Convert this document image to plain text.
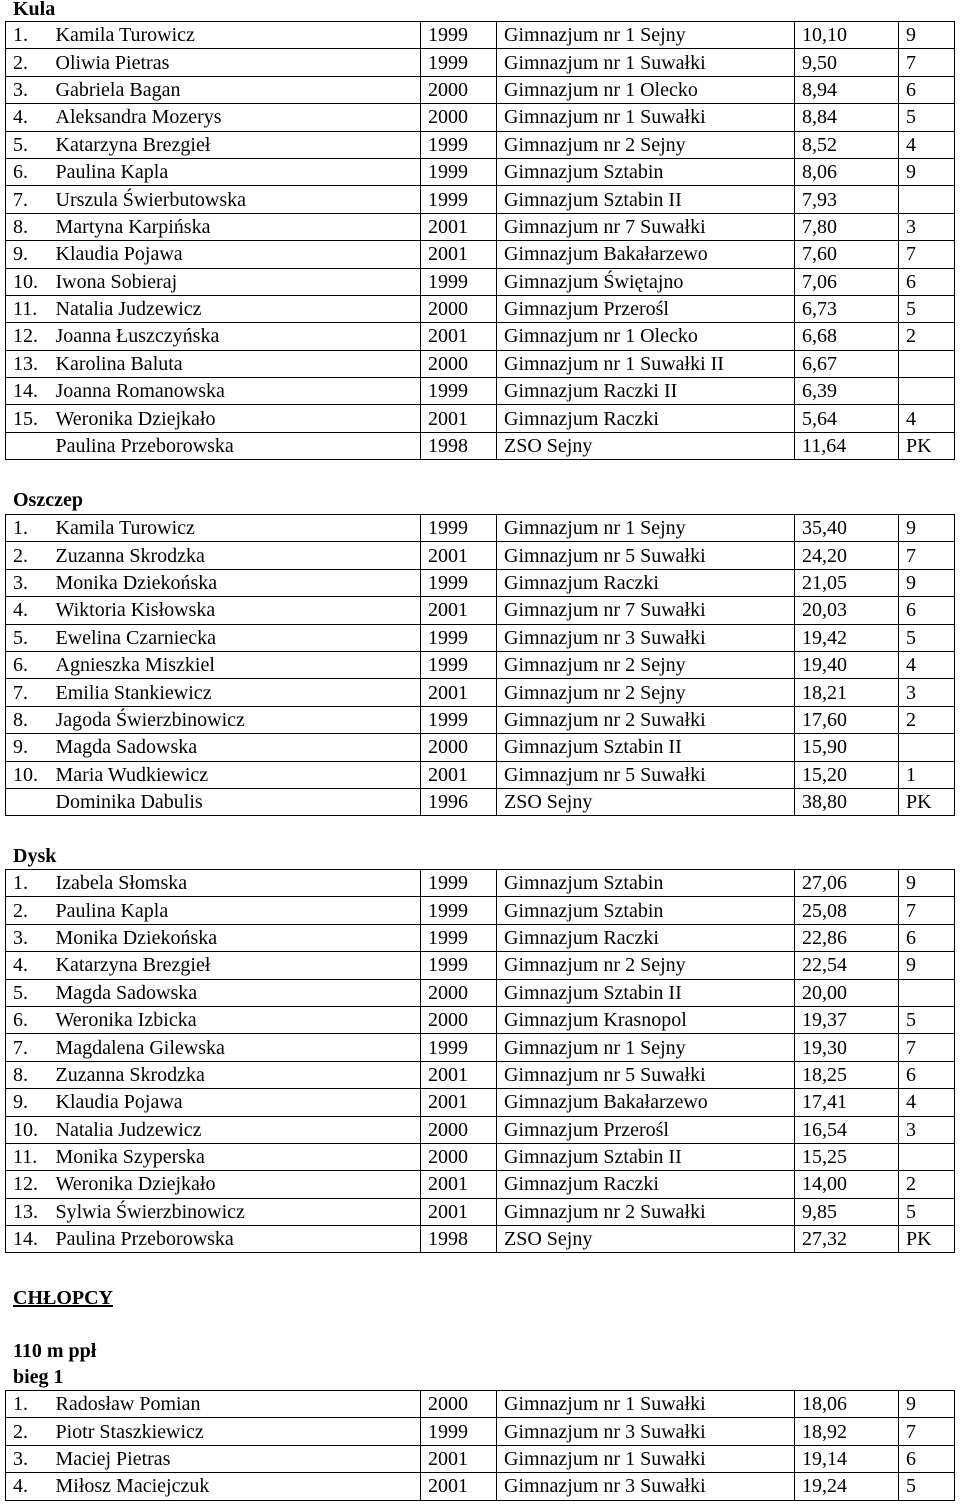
Kula
1.	Kamila Turowicz	1999	Gimnazjum nr 1 Sejny	10,10	9
2.	Oliwia Pietras	1999	Gimnazjum nr 1 Suwałki	9,50	7
3.	Gabriela Bagan	2000	Gimnazjum nr 1 Olecko	8,94	6
4.	Aleksandra Mozerys	2000	Gimnazjum nr 1 Suwałki	8,84	5
5.	Katarzyna Brezgieł	1999	Gimnazjum nr 2 Sejny	8,52	4
6.	Paulina Kapla	1999	Gimnazjum Sztabin	8,06	9
7.	Urszula Świerbutowska	1999	Gimnazjum Sztabin II	7,93	
8.	Martyna Karpińska	2001	Gimnazjum nr 7 Suwałki	7,80	3
9.	Klaudia Pojawa	2001	Gimnazjum Bakałarzewo	7,60	7
10.	Iwona Sobieraj	1999	Gimnazjum Świętajno	7,06	6
11.	Natalia Judzewicz	2000	Gimnazjum Przerośl	6,73	5
12.	Joanna Łuszczyńska	2001	Gimnazjum nr 1 Olecko	6,68	2
13.	Karolina Baluta	2000	Gimnazjum nr 1 Suwałki II	6,67	
14.	Joanna Romanowska	1999	Gimnazjum Raczki II	6,39	
15.	Weronika Dziejkało	2001	Gimnazjum Raczki	5,64	4
	Paulina Przeborowska	1998	ZSO Sejny	11,64	PK
Oszczep
1.	Kamila Turowicz	1999	Gimnazjum nr 1 Sejny	35,40	9
2.	Zuzanna Skrodzka	2001	Gimnazjum nr 5 Suwałki	24,20	7
3.	Monika Dziekońska	1999	Gimnazjum Raczki	21,05	9
4.	Wiktoria Kisłowska	2001	Gimnazjum nr 7 Suwałki	20,03	6
5.	Ewelina Czarniecka	1999	Gimnazjum nr 3 Suwałki	19,42	5
6.	Agnieszka Miszkiel	1999	Gimnazjum nr 2 Sejny	19,40	4
7.	Emilia Stankiewicz	2001	Gimnazjum nr 2 Sejny	18,21	3
8.	Jagoda Świerzbinowicz	1999	Gimnazjum nr 2 Suwałki	17,60	2
9.	Magda Sadowska	2000	Gimnazjum Sztabin II	15,90	
10.	Maria Wudkiewicz	2001	Gimnazjum nr 5 Suwałki	15,20	1
	Dominika Dabulis	1996	ZSO Sejny	38,80	PK
Dysk
1.	Izabela Słomska	1999	Gimnazjum Sztabin	27,06	9
2.	Paulina Kapla	1999	Gimnazjum Sztabin	25,08	7
3.	Monika Dziekońska	1999	Gimnazjum Raczki	22,86	6
4.	Katarzyna Brezgieł	1999	Gimnazjum nr 2 Sejny	22,54	9
5.	Magda Sadowska	2000	Gimnazjum Sztabin II	20,00	
6.	Weronika Izbicka	2000	Gimnazjum Krasnopol	19,37	5
7.	Magdalena Gilewska	1999	Gimnazjum nr 1 Sejny	19,30	7
8.	Zuzanna Skrodzka	2001	Gimnazjum nr 5 Suwałki	18,25	6
9.	Klaudia Pojawa	2001	Gimnazjum Bakałarzewo	17,41	4
10.	Natalia Judzewicz	2000	Gimnazjum Przerośl	16,54	3
11.	Monika Szyperska	2000	Gimnazjum Sztabin II	15,25	
12.	Weronika Dziejkało	2001	Gimnazjum Raczki	14,00	2
13.	Sylwia Świerzbinowicz	2001	Gimnazjum nr 2 Suwałki	9,85	5
14.	Paulina Przeborowska	1998	ZSO Sejny	27,32	PK
CHŁOPCY
110 m ppł
bieg 1
1.	Radosław Pomian	2000	Gimnazjum nr 1 Suwałki	18,06	9
2.	Piotr Staszkiewicz	1999	Gimnazjum nr 3 Suwałki	18,92	7
3.	Maciej Pietras	2001	Gimnazjum nr 1 Suwałki	19,14	6
4.	Miłosz Maciejczuk	2001	Gimnazjum nr 3 Suwałki	19,24	5
